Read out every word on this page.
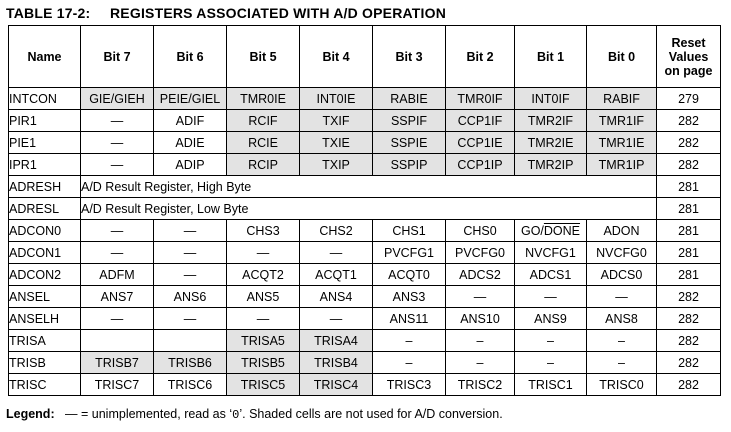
TABLE 17-2: REGISTERS ASSOCIATED WITH A/D OPERATION
Name	Bit 7	Bit 6	Bit 5	Bit 4	Bit 3	Bit 2	Bit 1	Bit 0	Reset
Values
on page

INTCON	GIE/GIEH	PEIE/GIEL	TMR0IE	INT0IE	RABIE	TMR0IF	INT0IF	RABIF	279
PIR1	—	ADIF	RCIF	TXIF	SSPIF	CCP1IF	TMR2IF	TMR1IF	282
PIE1	—	ADIE	RCIE	TXIE	SSPIE	CCP1IE	TMR2IE	TMR1IE	282
IPR1	—	ADIP	RCIP	TXIP	SSPIP	CCP1IP	TMR2IP	TMR1IP	282
ADRESH	A/D Result Register, High Byte								281
ADRESL	A/D Result Register, Low Byte								281
ADCON0	—	—	CHS3	CHS2	CHS1	CHS0	GO/DONE	ADON	281
ADCON1	—	—	—	—	PVCFG1	PVCFG0	NVCFG1	NVCFG0	281
ADCON2	ADFM	—	ACQT2	ACQT1	ACQT0	ADCS2	ADCS1	ADCS0	281
ANSEL	ANS7	ANS6	ANS5	ANS4	ANS3	—	—	—	282
ANSELH	—	—	—	—	ANS11	ANS10	ANS9	ANS8	282
TRISA			TRISA5	TRISA4	–	–	–	–	282
TRISB	TRISB7	TRISB6	TRISB5	TRISB4	–	–	–	–	282
TRISC	TRISC7	TRISC6	TRISC5	TRISC4	TRISC3	TRISC2	TRISC1	TRISC0	282
Legend: — = unimplemented, read as ‘0’. Shaded cells are not used for A/D conversion.
